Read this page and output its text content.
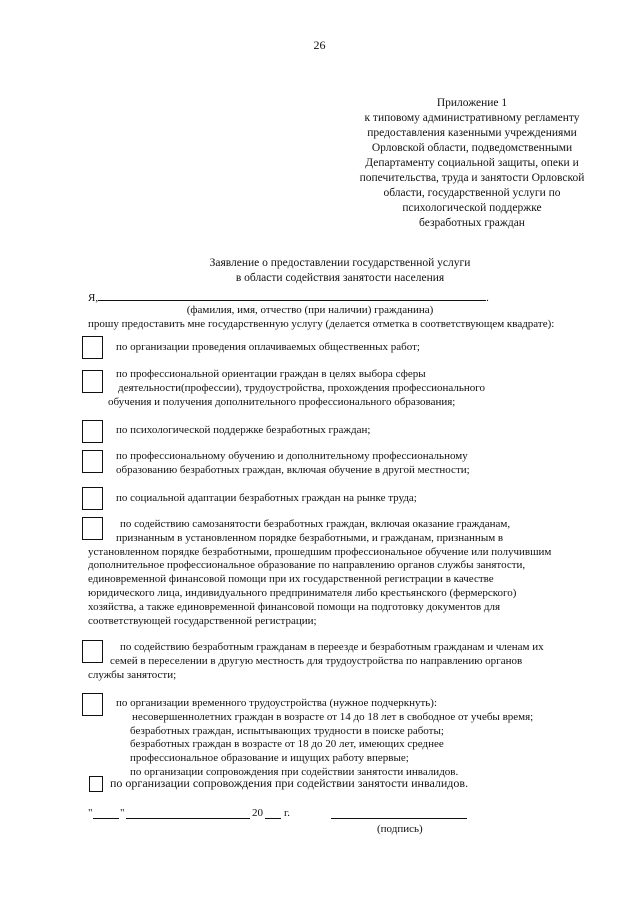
26
Приложение 1
к типовому административному регламенту
предоставления казенными учреждениями
Орловской области, подведомственными
Департаменту социальной защиты, опеки и
попечительства, труда и занятости Орловской
области, государственной услуги по
психологической поддержке
безработных граждан
Заявление о предоставлении государственной услуги
в области содействия занятости населения
Я,	.
(фамилия, имя, отчество (при наличии) гражданина)
прошу предоставить мне государственную услугу (делается отметка в соответствующем квадрате):
по организации проведения оплачиваемых общественных работ;
по профессиональной ориентации граждан в целях выбора сферы
деятельности(профессии), трудоустройства, прохождения профессионального
обучения и получения дополнительного профессионального образования;
по психологической поддержке безработных граждан;
по профессиональному обучению и дополнительному профессиональному
образованию безработных граждан, включая обучение в другой местности;
по социальной адаптации безработных граждан на рынке труда;
по содействию самозанятости безработных граждан, включая оказание гражданам,
признанным в установленном порядке безработными, и гражданам, признанным в
установленном порядке безработными, прошедшим профессиональное обучение или получившим
дополнительное профессиональное образование по направлению органов службы занятости,
единовременной финансовой помощи при их государственной регистрации в качестве
юридического лица, индивидуального предпринимателя либо крестьянского (фермерского)
хозяйства, а также единовременной финансовой помощи на подготовку документов для
соответствующей государственной регистрации;
по содействию безработным гражданам в переезде и безработным гражданам и членам их
семей в переселении в другую местность для трудоустройства по направлению органов
службы занятости;
по организации временного трудоустройства (нужное подчеркнуть):
несовершеннолетних граждан в возрасте от 14 до 18 лет в свободное от учебы время;
безработных граждан, испытывающих трудности в поиске работы;
безработных граждан в возрасте от 18 до 20 лет, имеющих среднее
профессиональное образование и ищущих работу впервые;
по организации сопровождения при содействии занятости инвалидов.
по организации сопровождения при содействии занятости инвалидов.
"	"	20 г.
(подпись)
